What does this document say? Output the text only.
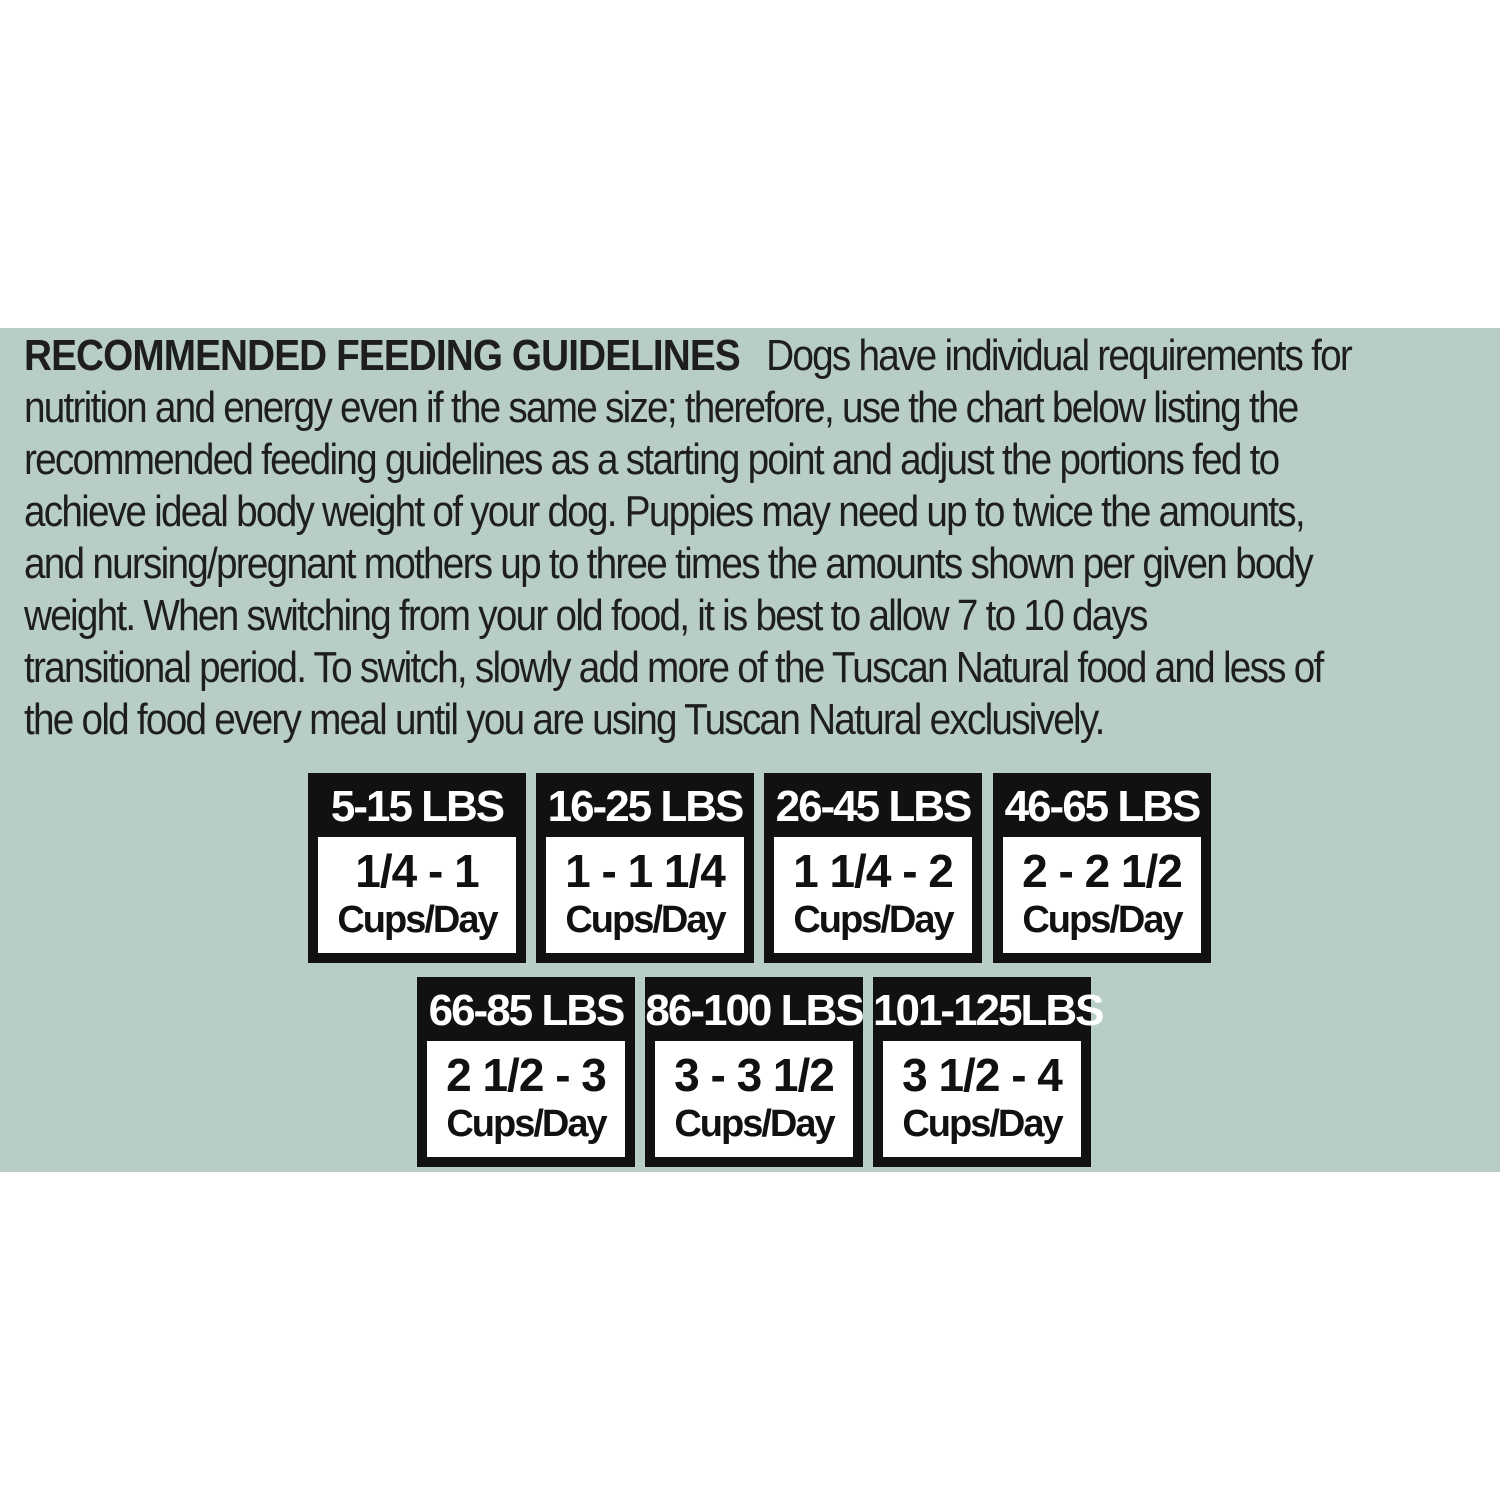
RECOMMENDED FEEDING GUIDELINES Dogs have individual requirements for
nutrition and energy even if the same size; therefore, use the chart below listing the
recommended feeding guidelines as a starting point and adjust the portions fed to
achieve ideal body weight of your dog. Puppies may need up to twice the amounts,
and nursing/pregnant mothers up to three times the amounts shown per given body
weight. When switching from your old food, it is best to allow 7 to 10 days
transitional period. To switch, slowly add more of the Tuscan Natural food and less of
the old food every meal until you are using Tuscan Natural exclusively.
5-15 LBS
1/4 - 1
Cups/Day
16-25 LBS
1 - 1 1/4
Cups/Day
26-45 LBS
1 1/4 - 2
Cups/Day
46-65 LBS
2 - 2 1/2
Cups/Day
66-85 LBS
2 1/2 - 3
Cups/Day
86-100 LBS
3 - 3 1/2
Cups/Day
101-125LBS
3 1/2 - 4
Cups/Day
